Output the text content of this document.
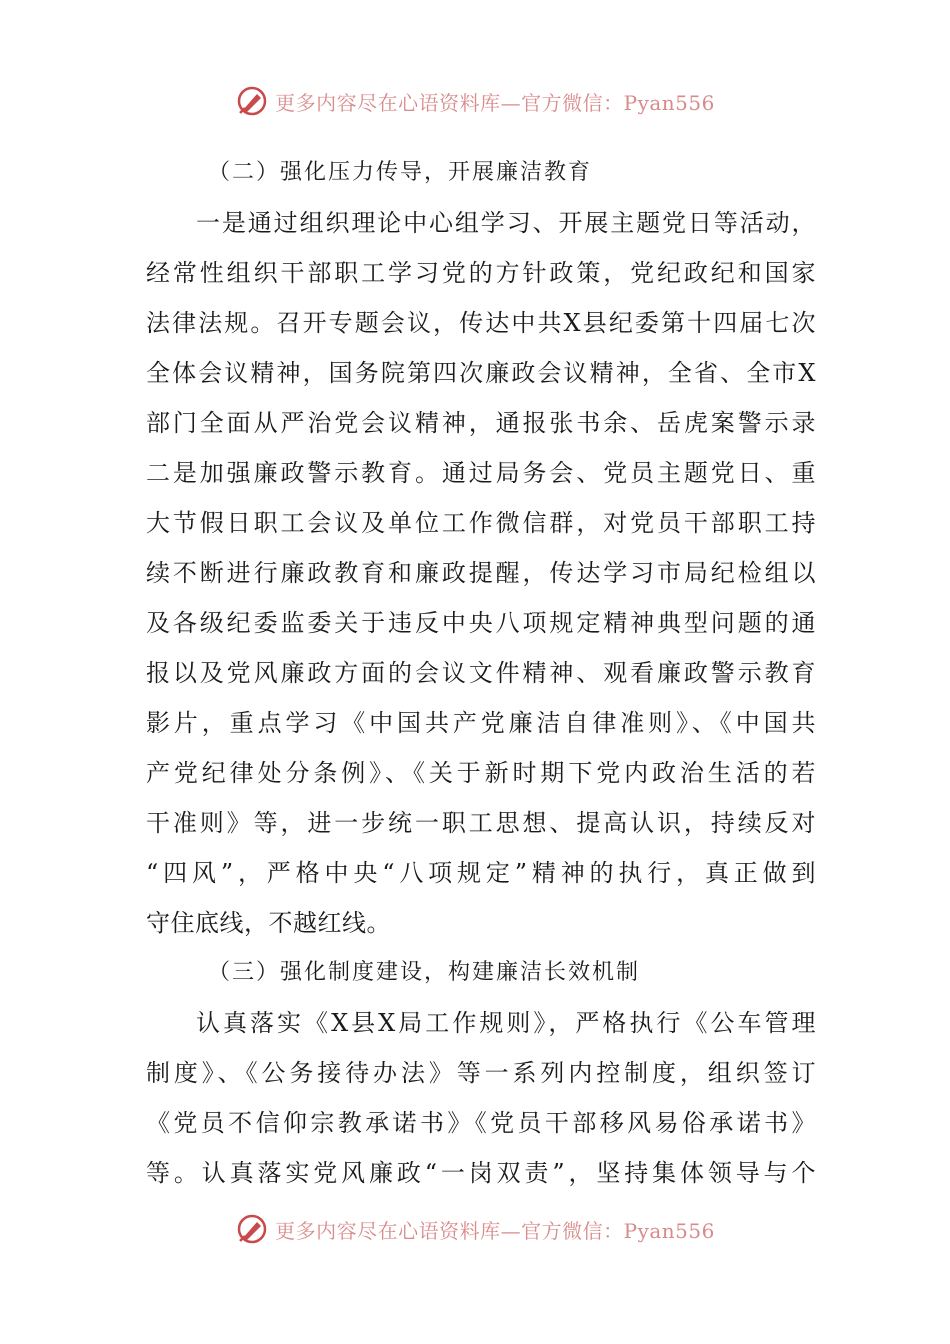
更多内容尽在心语资料库—官方微信：Pyan556
（二）强化压力传导，开展廉洁教育
一是通过组织理论中心组学习、开展主题党日等活动，
经常性组织干部职工学习党的方针政策，党纪政纪和国家
法律法规。召开专题会议，传达中共X县纪委第十四届七次
全体会议精神，国务院第四次廉政会议精神，全省、全市X
部门全面从严治党会议精神，通报张书余、岳虎案警示录
二是加强廉政警示教育。通过局务会、党员主题党日、重
大节假日职工会议及单位工作微信群，对党员干部职工持
续不断进行廉政教育和廉政提醒，传达学习市局纪检组以
及各级纪委监委关于违反中央八项规定精神典型问题的通
报以及党风廉政方面的会议文件精神、观看廉政警示教育
影片，重点学习《中国共产党廉洁自律准则》、《中国共
产党纪律处分条例》、《关于新时期下党内政治生活的若
干准则》等，进一步统一职工思想、提高认识，持续反对
“四风”，严格中央“八项规定”精神的执行，真正做到
守住底线，不越红线。
（三）强化制度建设，构建廉洁长效机制
认真落实《X县X局工作规则》，严格执行《公车管理
制度》、《公务接待办法》等一系列内控制度，组织签订
《党员不信仰宗教承诺书》《党员干部移风易俗承诺书》
等。认真落实党风廉政“一岗双责”，坚持集体领导与个
更多内容尽在心语资料库—官方微信：Pyan556
